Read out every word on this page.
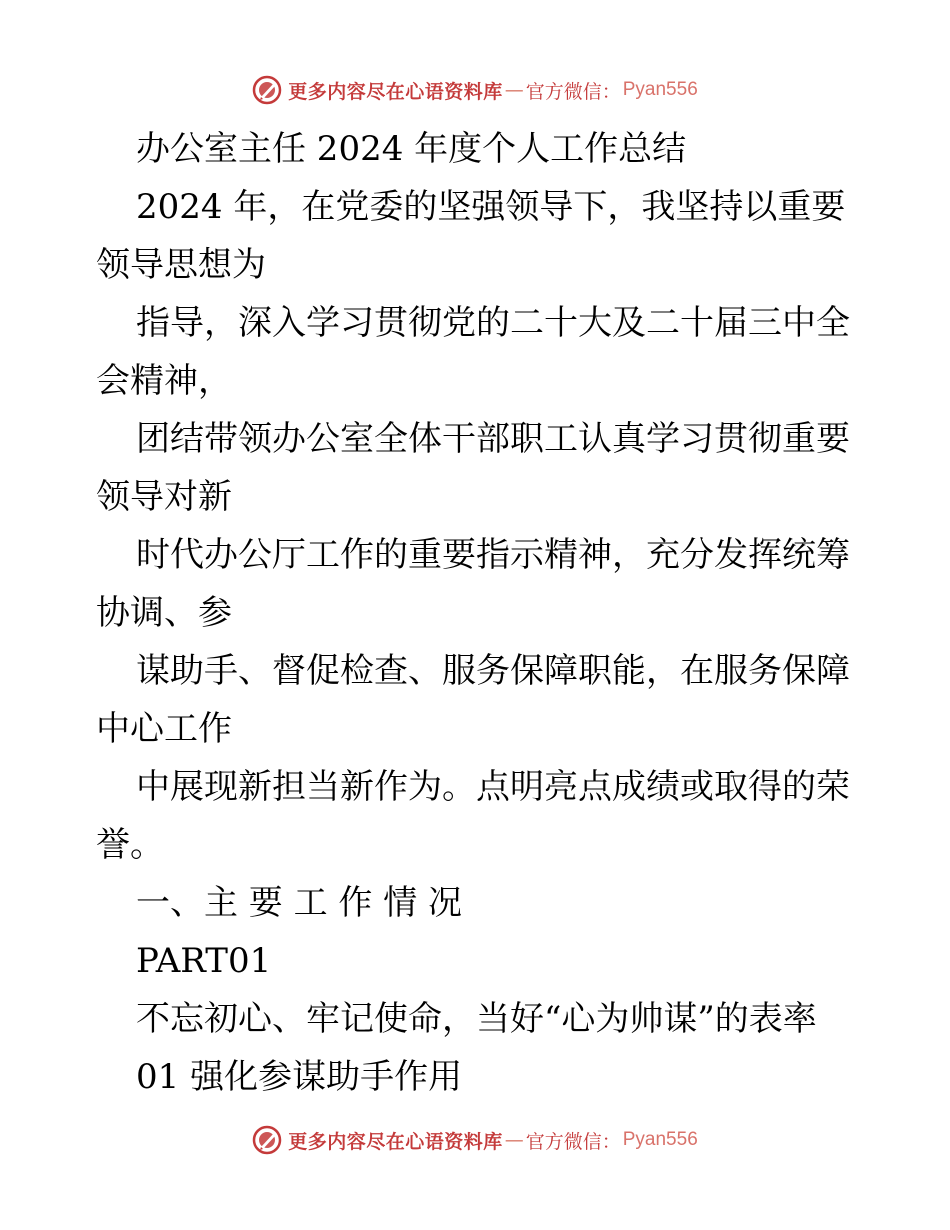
更多内容尽在心语资料库 — 官方微信： Pyan556
办公室主任 2024 年度个人工作总结
2024 年，在党委的坚强领导下，我坚持以重要
领导思想为
指导，深入学习贯彻党的二十大及二十届三中全
会精神，
团结带领办公室全体干部职工认真学习贯彻重要
领导对新
时代办公厅工作的重要指示精神，充分发挥统筹
协调、参
谋助手、督促检查、服务保障职能，在服务保障
中心工作
中展现新担当新作为。点明亮点成绩或取得的荣
誉。
一、主 要 工 作 情 况
PART01
不忘初心、牢记使命，当好“心为帅谋”的表率
01 强化参谋助手作用
更多内容尽在心语资料库 — 官方微信： Pyan556
